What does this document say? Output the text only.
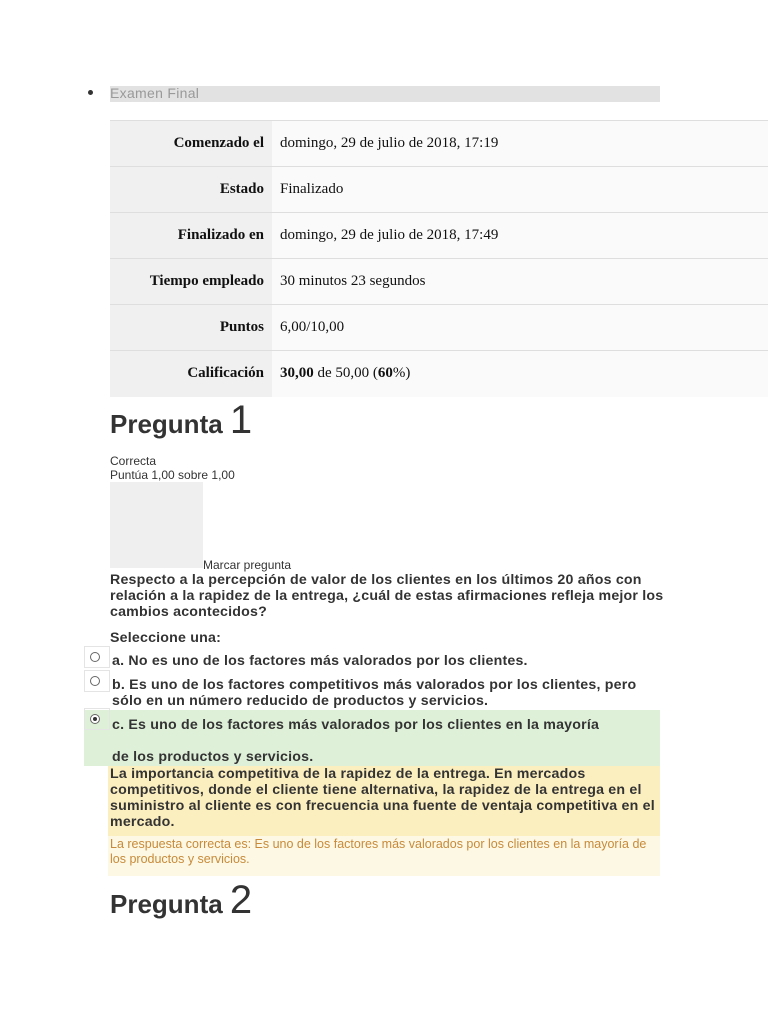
Examen Final
Comenzado el	domingo, 29 de julio de 2018, 17:19
Estado	Finalizado
Finalizado en	domingo, 29 de julio de 2018, 17:49
Tiempo empleado	30 minutos 23 segundos
Puntos	6,00/10,00
Calificación	30,00 de 50,00 (60%)
Pregunta 1
Correcta
Puntúa 1,00 sobre 1,00
Marcar pregunta
Respecto a la percepción de valor de los clientes en los últimos 20 años con relación a la rapidez de la entrega, ¿cuál de estas afirmaciones refleja mejor los cambios acontecidos?
Seleccione una:
a. No es uno de los factores más valorados por los clientes.
b. Es uno de los factores competitivos más valorados por los clientes, pero sólo en un número reducido de productos y servicios.
c. Es uno de los factores más valorados por los clientes en la mayoría
de los productos y servicios.
La importancia competitiva de la rapidez de la entrega. En mercados competitivos, donde el cliente tiene alternativa, la rapidez de la entrega en el suministro al cliente es con frecuencia una fuente de ventaja competitiva en el mercado.
La respuesta correcta es: Es uno de los factores más valorados por los clientes en la mayoría de los productos y servicios.
Pregunta 2
